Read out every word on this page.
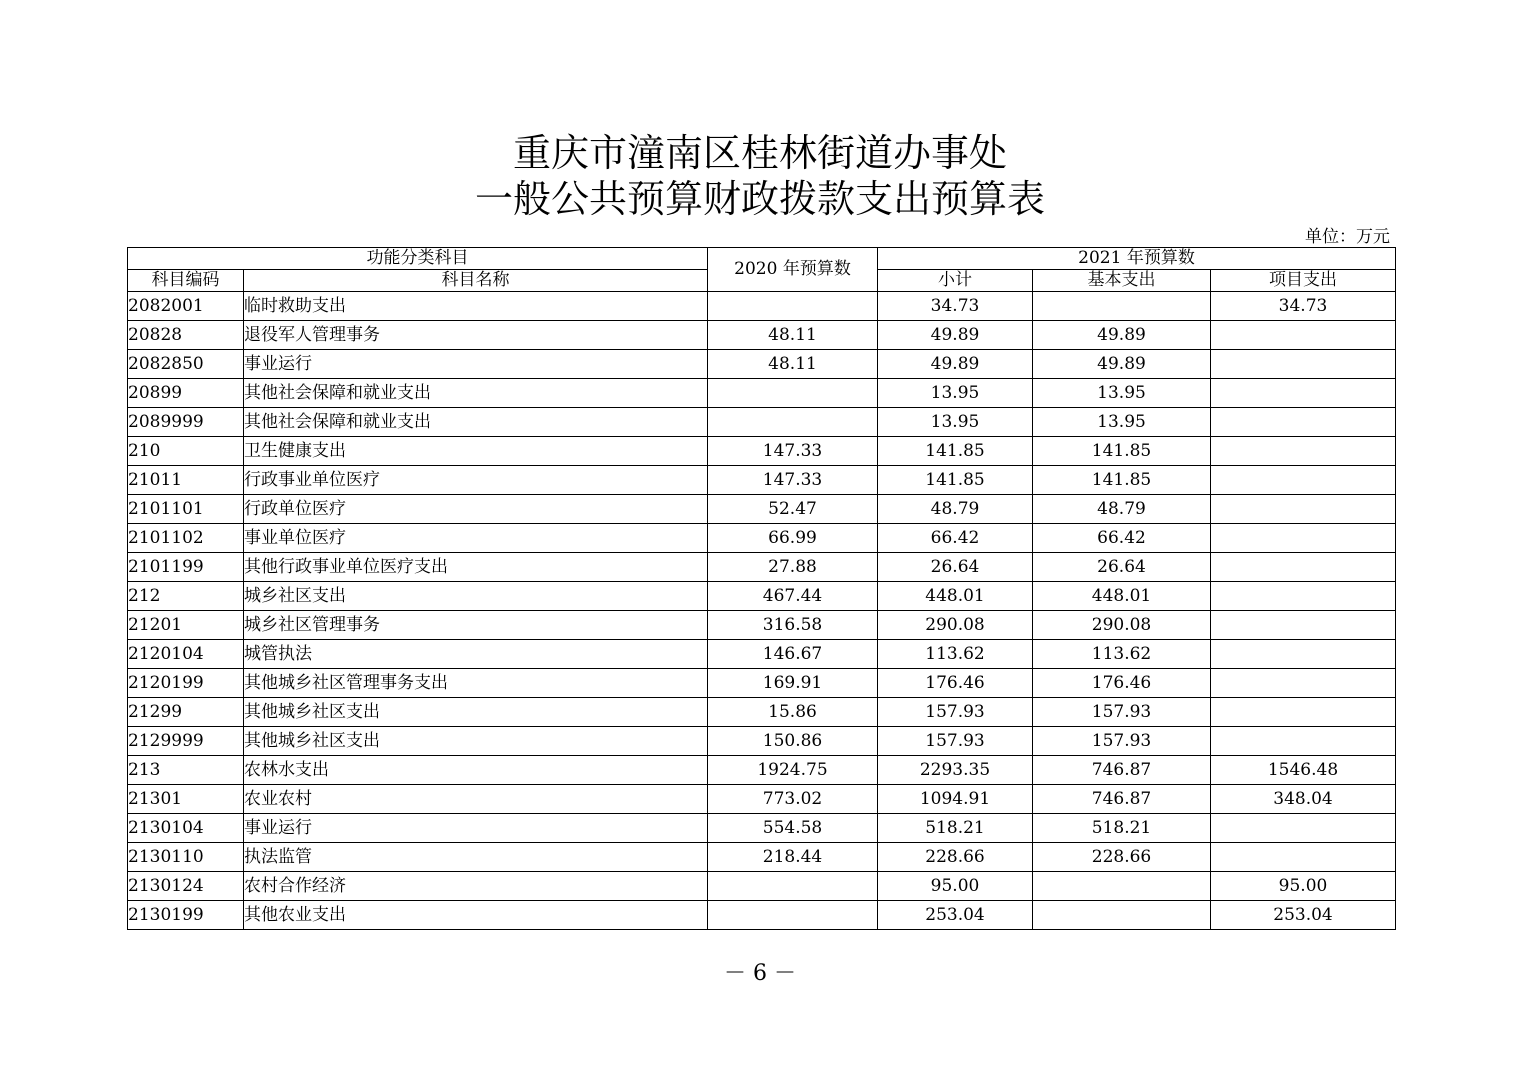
重庆市潼南区桂林街道办事处
一般公共预算财政拨款支出预算表
单位：万元
功能分类科目		2020 年预算数	2021 年预算数		
科目编码	科目名称		小计	基本支出	项目支出
2082001	临时救助支出		34.73		34.73
20828	退役军人管理事务	48.11	49.89	49.89	
2082850	事业运行	48.11	49.89	49.89	
20899	其他社会保障和就业支出		13.95	13.95	
2089999	其他社会保障和就业支出		13.95	13.95	
210	卫生健康支出	147.33	141.85	141.85	
21011	行政事业单位医疗	147.33	141.85	141.85	
2101101	行政单位医疗	52.47	48.79	48.79	
2101102	事业单位医疗	66.99	66.42	66.42	
2101199	其他行政事业单位医疗支出	27.88	26.64	26.64	
212	城乡社区支出	467.44	448.01	448.01	
21201	城乡社区管理事务	316.58	290.08	290.08	
2120104	城管执法	146.67	113.62	113.62	
2120199	其他城乡社区管理事务支出	169.91	176.46	176.46	
21299	其他城乡社区支出	15.86	157.93	157.93	
2129999	其他城乡社区支出	150.86	157.93	157.93	
213	农林水支出	1924.75	2293.35	746.87	1546.48
21301	农业农村	773.02	1094.91	746.87	348.04
2130104	事业运行	554.58	518.21	518.21	
2130110	执法监管	218.44	228.66	228.66	
2130124	农村合作经济		95.00		95.00
2130199	其他农业支出		253.04		253.04
－ 6 －
